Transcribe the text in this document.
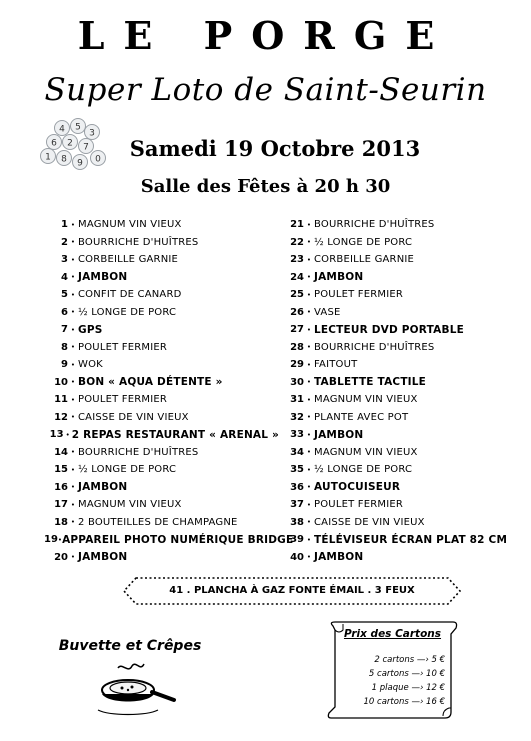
LE PORGE
Super Loto de Saint-Seurin
4 5
3
6 2 7
1 8 9 0	Samedi 19 Octobre 2013
Salle des Fêtes à 20 h 30
1 • MAGNUM VIN VIEUX
2 • BOURRICHE D'HUÎTRES
3 • CORBEILLE GARNIE
4 • JAMBON
5 • CONFIT DE CANARD
6 • ½ LONGE DE PORC
7 • GPS
8 • POULET FERMIER
9 • WOK
10 • BON « AQUA DÉTENTE »
11 • POULET FERMIER
12 • CAISSE DE VIN VIEUX
13 • 2 REPAS RESTAURANT « ARENAL »
14 • BOURRICHE D'HUÎTRES
15 • ½ LONGE DE PORC
16 • JAMBON
17 • MAGNUM VIN VIEUX
18 • 2 BOUTEILLES DE CHAMPAGNE
19 • APPAREIL PHOTO NUMÉRIQUE BRIDGE
20 • JAMBON
21 • BOURRICHE D'HUÎTRES
22 • ½ LONGE DE PORC
23 • CORBEILLE GARNIE
24 • JAMBON
25 • POULET FERMIER
26 • VASE
27 • LECTEUR DVD PORTABLE
28 • BOURRICHE D'HUÎTRES
29 • FAITOUT
30 • TABLETTE TACTILE
31 • MAGNUM VIN VIEUX
32 • PLANTE AVEC POT
33 • JAMBON
34 • MAGNUM VIN VIEUX
35 • ½ LONGE DE PORC
36 • AUTOCUISEUR
37 • POULET FERMIER
38 • CAISSE DE VIN VIEUX
39 • TÉLÉVISEUR ÉCRAN PLAT 82 CM
40 • JAMBON
41 . PLANCHA À GAZ FONTE ÉMAIL . 3 FEUX
Buvette et Crêpes
Prix des Cartons
2 cartons —› 5 €
5 cartons —› 10 €
1 plaque —› 12 €
10 cartons —› 16 €
